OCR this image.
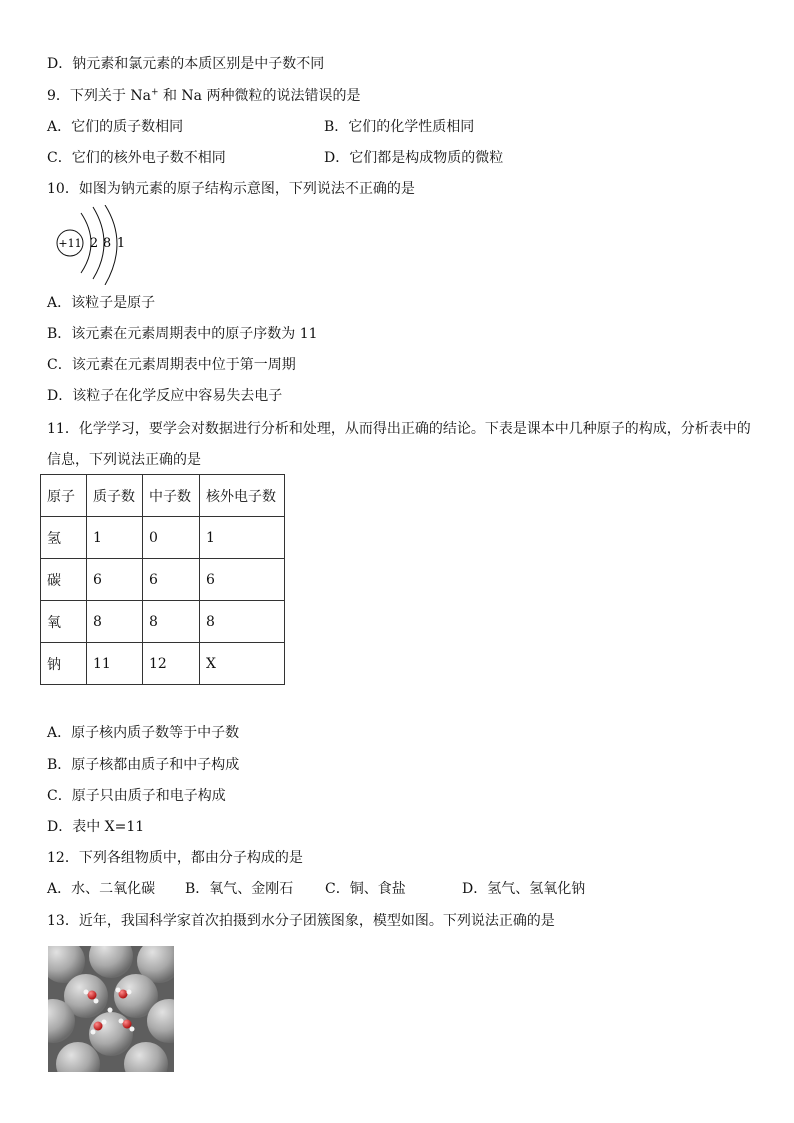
D．钠元素和氯元素的本质区别是中子数不同
9．下列关于 Na+ 和 Na 两种微粒的说法错误的是
A．它们的质子数相同	B．它们的化学性质相同
C．它们的核外电子数不相同	D．它们都是构成物质的微粒
10．如图为钠元素的原子结构示意图，下列说法不正确的是
+11 2 8 1
A．该粒子是原子
B．该元素在元素周期表中的原子序数为 11
C．该元素在元素周期表中位于第一周期
D．该粒子在化学反应中容易失去电子
11．化学学习，要学会对数据进行分析和处理，从而得出正确的结论。下表是课本中几种原子的构成，分析表中的
信息，下列说法正确的是
原子	质子数	中子数	核外电子数
氢	1	0	1
碳	6	6	6
氧	8	8	8
钠	11	12	X
A．原子核内质子数等于中子数
B．原子核都由质子和中子构成
C．原子只由质子和电子构成
D．表中 X=11
12．下列各组物质中，都由分子构成的是
A．水、二氧化碳 B．氧气、金刚石 C．铜、食盐	D．氢气、氢氧化钠
13．近年，我国科学家首次拍摄到水分子团簇图象，模型如图。下列说法正确的是
